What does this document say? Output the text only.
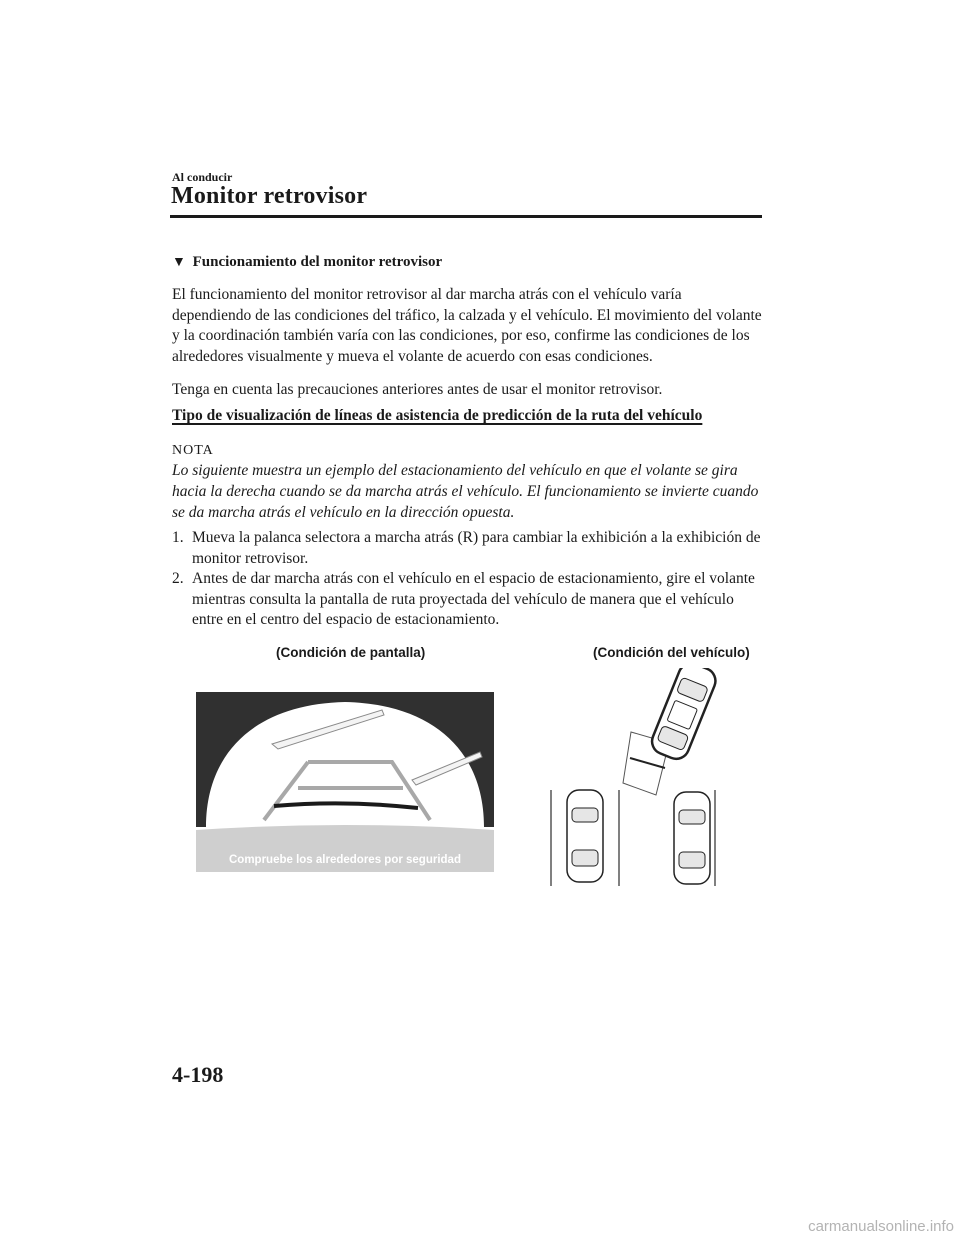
Al conducir
Monitor retrovisor
▼ Funcionamiento del monitor retrovisor

El funcionamiento del monitor retrovisor al dar marcha atrás con el vehículo varía dependiendo de las condiciones del tráfico, la calzada y el vehículo. El movimiento del volante y la coordinación también varía con las condiciones, por eso, confirme las condiciones de los alrededores visualmente y mueva el volante de acuerdo con esas condiciones.

Tenga en cuenta las precauciones anteriores antes de usar el monitor retrovisor.

Tipo de visualización de líneas de asistencia de predicción de la ruta del vehículo
NOTA

Lo siguiente muestra un ejemplo del estacionamiento del vehículo en que el volante se gira hacia la derecha cuando se da marcha atrás el vehículo. El funcionamiento se invierte cuando se da marcha atrás el vehículo en la dirección opuesta.

1. Mueva la palanca selectora a marcha atrás (R) para cambiar la exhibición a la exhibición de monitor retrovisor.
2. Antes de dar marcha atrás con el vehículo en el espacio de estacionamiento, gire el volante mientras consulta la pantalla de ruta proyectada del vehículo de manera que el vehículo entre en el centro del espacio de estacionamiento.
(Condición de pantalla)	(Condición del vehículo)
Compruebe los alrededores por seguridad
4-198
carmanualsonline.info
